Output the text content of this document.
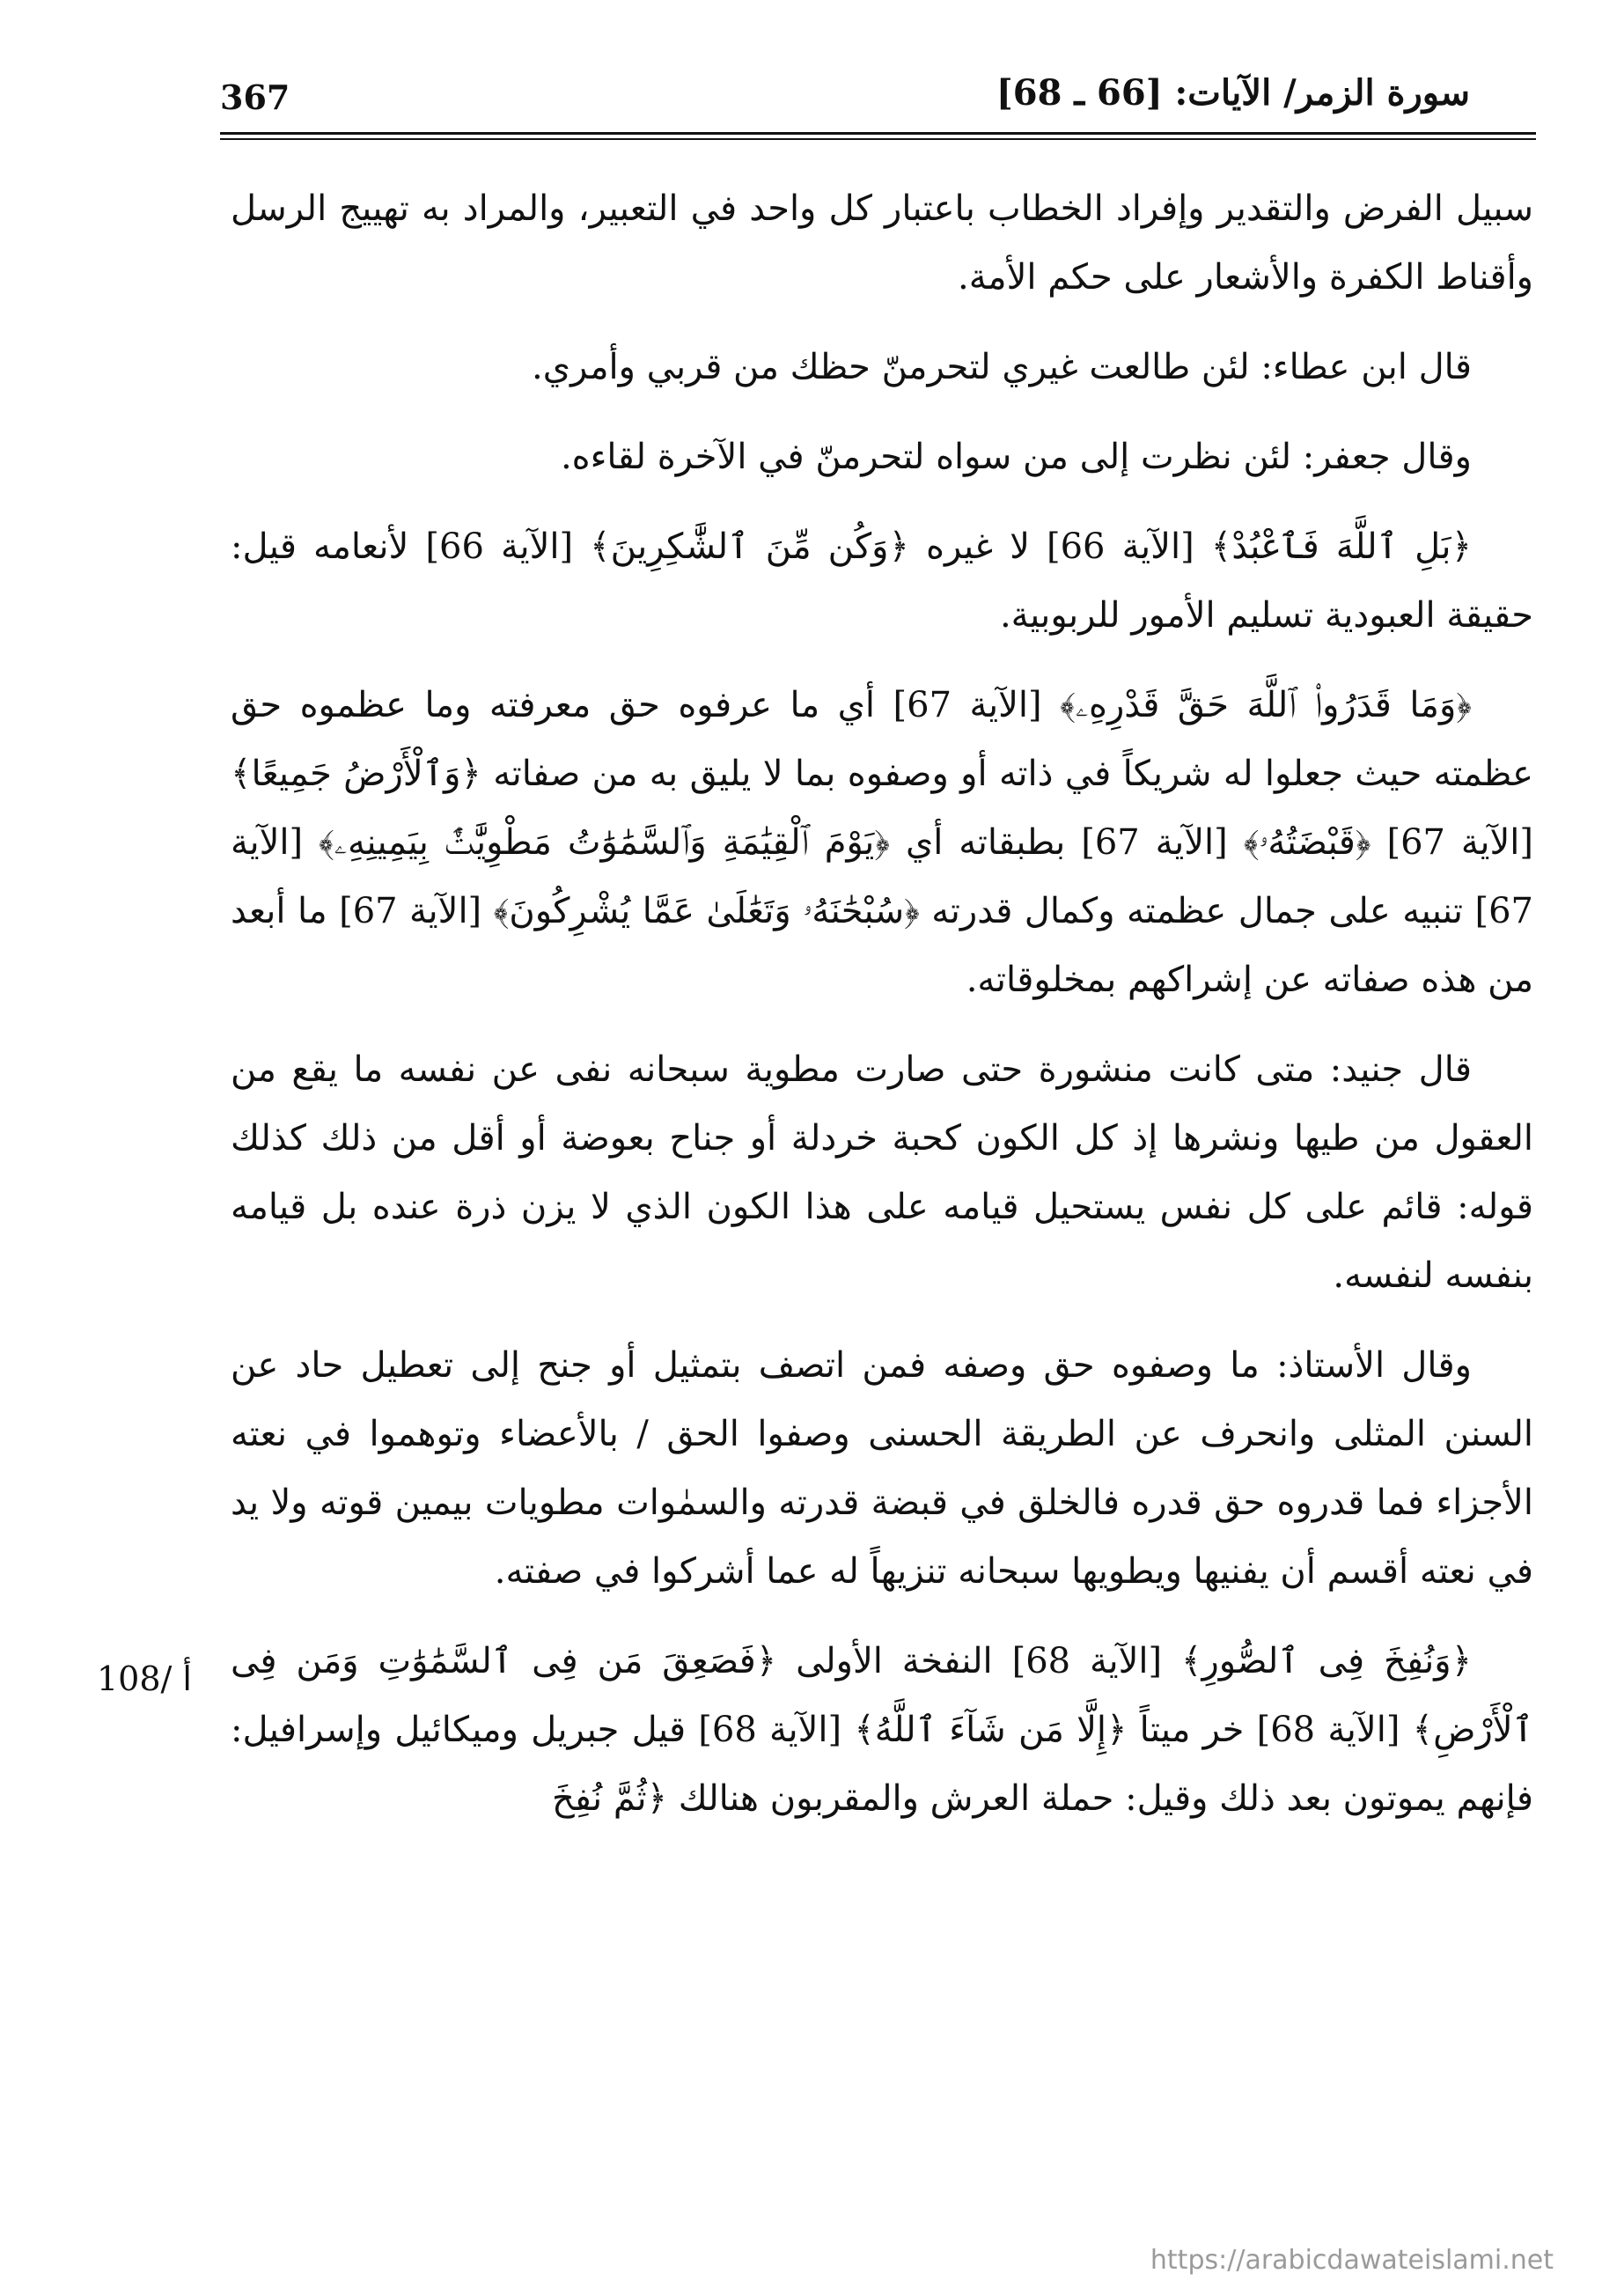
367	سورة الزمر/ الآيات: [66 ـ 68]

سبيل الفرض والتقدير وإفراد الخطاب باعتبار كل واحد في التعبير، والمراد به تهييج الرسل وأقناط الكفرة والأشعار على حكم الأمة.

قال ابن عطاء: لئن طالعت غيري لتحرمنّ حظك من قربي وأمري.

وقال جعفر: لئن نظرت إلى من سواه لتحرمنّ في الآخرة لقاءه.

﴿بَلِ ٱللَّهَ فَٱعْبُدْ﴾ [الآية 66] لا غيره ﴿وَكُن مِّنَ ٱلشَّٰكِرِينَ﴾ [الآية 66] لأنعامه قيل: حقيقة العبودية تسليم الأمور للربوبية.

﴿وَمَا قَدَرُوا۟ ٱللَّهَ حَقَّ قَدْرِهِۦ﴾ [الآية 67] أي ما عرفوه حق معرفته وما عظموه حق عظمته حيث جعلوا له شريكاً في ذاته أو وصفوه بما لا يليق به من صفاته ﴿وَٱلْأَرْضُ جَمِيعًا﴾ [الآية 67] ﴿قَبْضَتُهُۥ﴾ [الآية 67] بطبقاته أي ﴿يَوْمَ ٱلْقِيَٰمَةِ وَٱلسَّمَٰوَٰتُ مَطْوِيَّٰتٌۢ بِيَمِينِهِۦ﴾ [الآية 67] تنبيه على جمال عظمته وكمال قدرته ﴿سُبْحَٰنَهُۥ وَتَعَٰلَىٰ عَمَّا يُشْرِكُونَ﴾ [الآية 67] ما أبعد من هذه صفاته عن إشراكهم بمخلوقاته.

قال جنيد: متى كانت منشورة حتى صارت مطوية سبحانه نفى عن نفسه ما يقع من العقول من طيها ونشرها إذ كل الكون كحبة خردلة أو جناح بعوضة أو أقل من ذلك كذلك قوله: قائم على كل نفس يستحيل قيامه على هذا الكون الذي لا يزن ذرة عنده بل قيامه بنفسه لنفسه.

وقال الأستاذ: ما وصفوه حق وصفه فمن اتصف بتمثيل أو جنح إلى تعطيل حاد عن السنن المثلى وانحرف عن الطريقة الحسنى وصفوا الحق / بالأعضاء وتوهموا في نعته الأجزاء فما قدروه حق قدره فالخلق في قبضة قدرته والسمٰوات مطويات بيمين قوته ولا يد في نعته أقسم أن يفنيها ويطويها سبحانه تنزيهاً له عما أشركوا في صفته.

﴿وَنُفِخَ فِى ٱلصُّورِ﴾ [الآية 68] النفخة الأولى ﴿فَصَعِقَ مَن فِى ٱلسَّمَٰوَٰتِ وَمَن فِى ٱلْأَرْضِ﴾ [الآية 68] خر ميتاً ﴿إِلَّا مَن شَآءَ ٱللَّهُ﴾ [الآية 68] قيل جبريل وميكائيل وإسرافيل: فإنهم يموتون بعد ذلك وقيل: حملة العرش والمقربون هنالك ﴿ثُمَّ نُفِخَ

108/ أ
https://arabicdawateislami.net
